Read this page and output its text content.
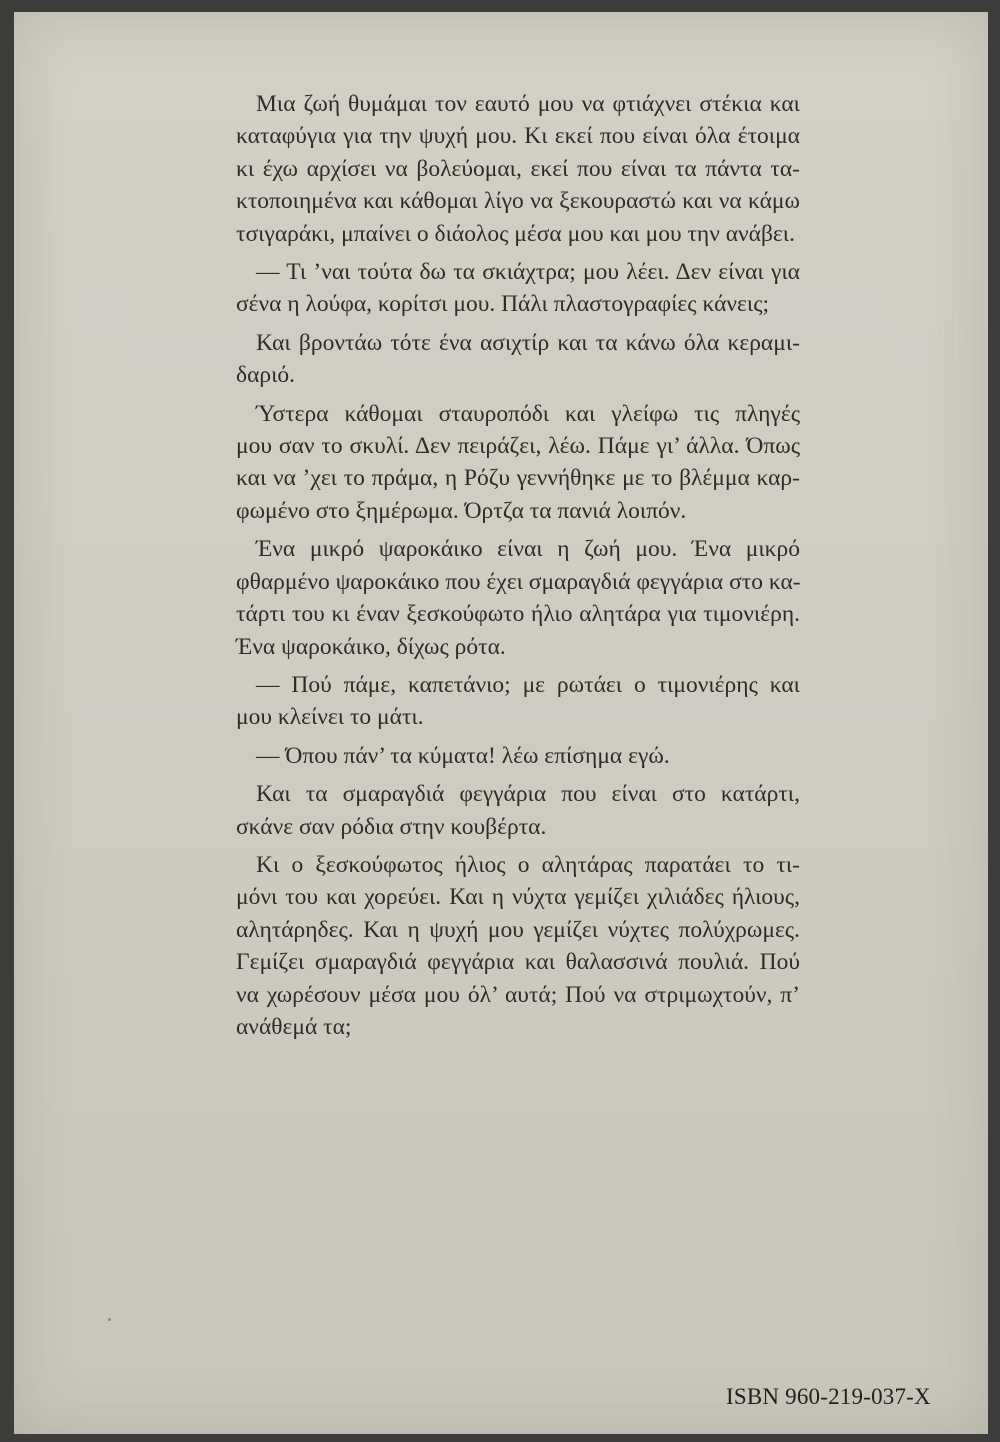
Μια ζωή θυμάμαι τον εαυτό μου να φτιάχνει στέκια και
καταφύγια για την ψυχή μου. Κι εκεί που είναι όλα έτοιμα
κι έχω αρχίσει να βολεύομαι, εκεί που είναι τα πάντα τα-
κτοποιημένα και κάθομαι λίγο να ξεκουραστώ και να κάμω
τσιγαράκι, μπαίνει ο διάολος μέσα μου και μου την ανάβει.

— Τι ’ναι τούτα δω τα σκιάχτρα; μου λέει. Δεν είναι για
σένα η λούφα, κορίτσι μου. Πάλι πλαστογραφίες κάνεις;

Και βροντάω τότε ένα ασιχτίρ και τα κάνω όλα κεραμι-
δαριό.

Ύστερα κάθομαι σταυροπόδι και γλείφω τις πληγές
μου σαν το σκυλί. Δεν πειράζει, λέω. Πάμε γι’ άλλα. Όπως
και να ’χει το πράμα, η Ρόζυ γεννήθηκε με το βλέμμα καρ-
φωμένο στο ξημέρωμα. Όρτζα τα πανιά λοιπόν.

Ένα μικρό ψαροκάικο είναι η ζωή μου. Ένα μικρό
φθαρμένο ψαροκάικο που έχει σμαραγδιά φεγγάρια στο κα-
τάρτι του κι έναν ξεσκούφωτο ήλιο αλητάρα για τιμονιέρη.
Ένα ψαροκάικο, δίχως ρότα.

— Πού πάμε, καπετάνιο; με ρωτάει ο τιμονιέρης και
μου κλείνει το μάτι.

— Όπου πάν’ τα κύματα! λέω επίσημα εγώ.

Και τα σμαραγδιά φεγγάρια που είναι στο κατάρτι,
σκάνε σαν ρόδια στην κουβέρτα.

Κι ο ξεσκούφωτος ήλιος ο αλητάρας παρατάει το τι-
μόνι του και χορεύει. Και η νύχτα γεμίζει χιλιάδες ήλιους,
αλητάρηδες. Και η ψυχή μου γεμίζει νύχτες πολύχρωμες.
Γεμίζει σμαραγδιά φεγγάρια και θαλασσινά πουλιά. Πού
να χωρέσουν μέσα μου όλ’ αυτά; Πού να στριμωχτούν, π’
ανάθεμά τα;

ISBN 960-219-037-X
